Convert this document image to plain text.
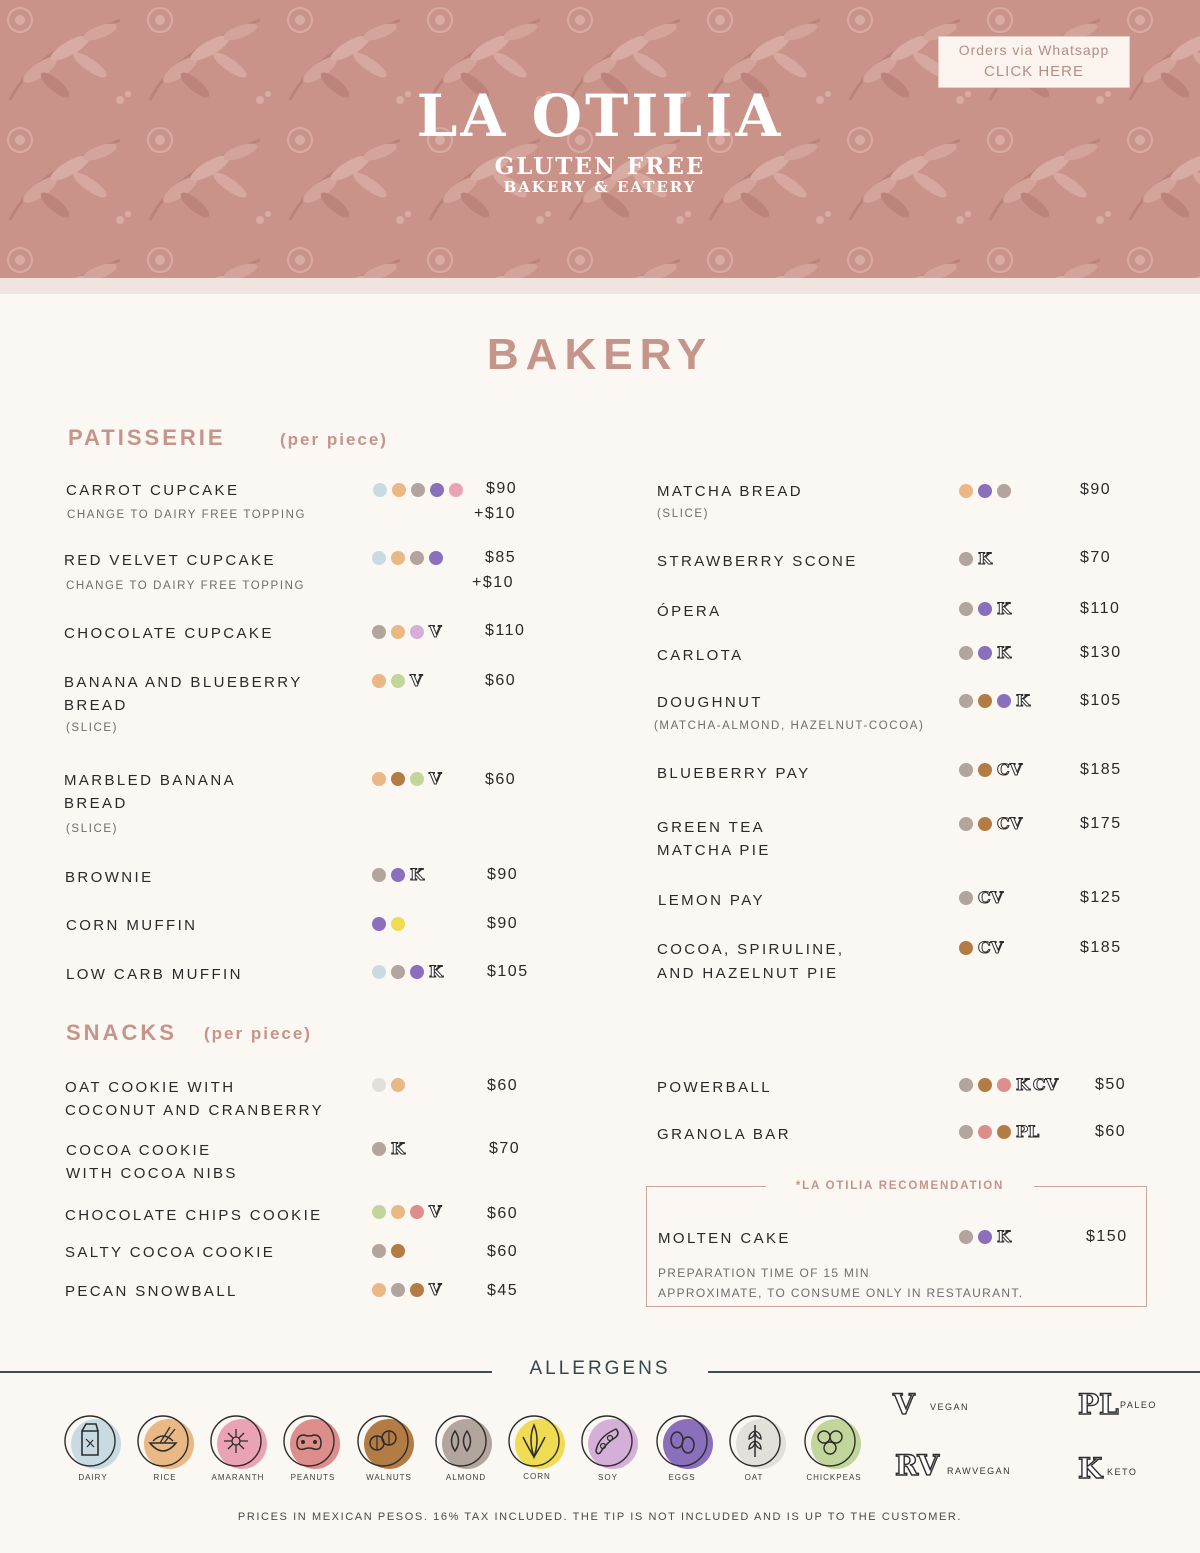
LA OTILIA
GLUTEN FREE
BAKERY & EATERY
Orders via Whatsapp
CLICK HERE
BAKERY
PATISSERIE	(per piece)
CARROT CUPCAKE
CHANGE TO DAIRY FREE TOPPING
$90
+$10
RED VELVET CUPCAKE
CHANGE TO DAIRY FREE TOPPING
$85
+$10
CHOCOLATE CUPCAKE	V	$110
BANANA AND BLUEBERRY
BREAD
(SLICE)
V	$60
MARBLED BANANA
BREAD
(SLICE)
V	$60
BROWNIE	K	$90
CORN MUFFIN	$90
LOW CARB MUFFIN	K	$105
MATCHA BREAD
(SLICE)
$90
STRAWBERRY SCONE	K	$70
ÓPERA	K	$110
CARLOTA	K	$130
DOUGHNUT
(MATCHA-ALMOND, HAZELNUT-COCOA)
K	$105
BLUEBERRY PAY	CV	$185
GREEN TEA
MATCHA PIE
CV	$175
LEMON PAY	CV	$125
COCOA, SPIRULINE,
AND HAZELNUT PIE
CV	$185
SNACKS (per piece)
OAT COOKIE WITH
COCONUT AND CRANBERRY
$60
COCOA COOKIE
WITH COCOA NIBS
K	$70
CHOCOLATE CHIPS COOKIE	V	$60
SALTY COCOA COOKIE	$60
PECAN SNOWBALL	V	$45
POWERBALL	K CV $50
GRANOLA BAR	PL	$60
*LA OTILIA RECOMENDATION
MOLTEN CAKE	K	$150
PREPARATION TIME OF 15 MIN
APPROXIMATE, TO CONSUME ONLY IN RESTAURANT.
ALLERGENS
DAIRY	RICE	AMARANTH	PEANUTS	WALNUTS	ALMOND	CORN	SOY	EGGS	OAT	CHICKPEAS
V VEGAN	PL PALEO
RV RAWVEGAN K KETO
PRICES IN MEXICAN PESOS. 16% TAX INCLUDED. THE TIP IS NOT INCLUDED AND IS UP TO THE CUSTOMER.
